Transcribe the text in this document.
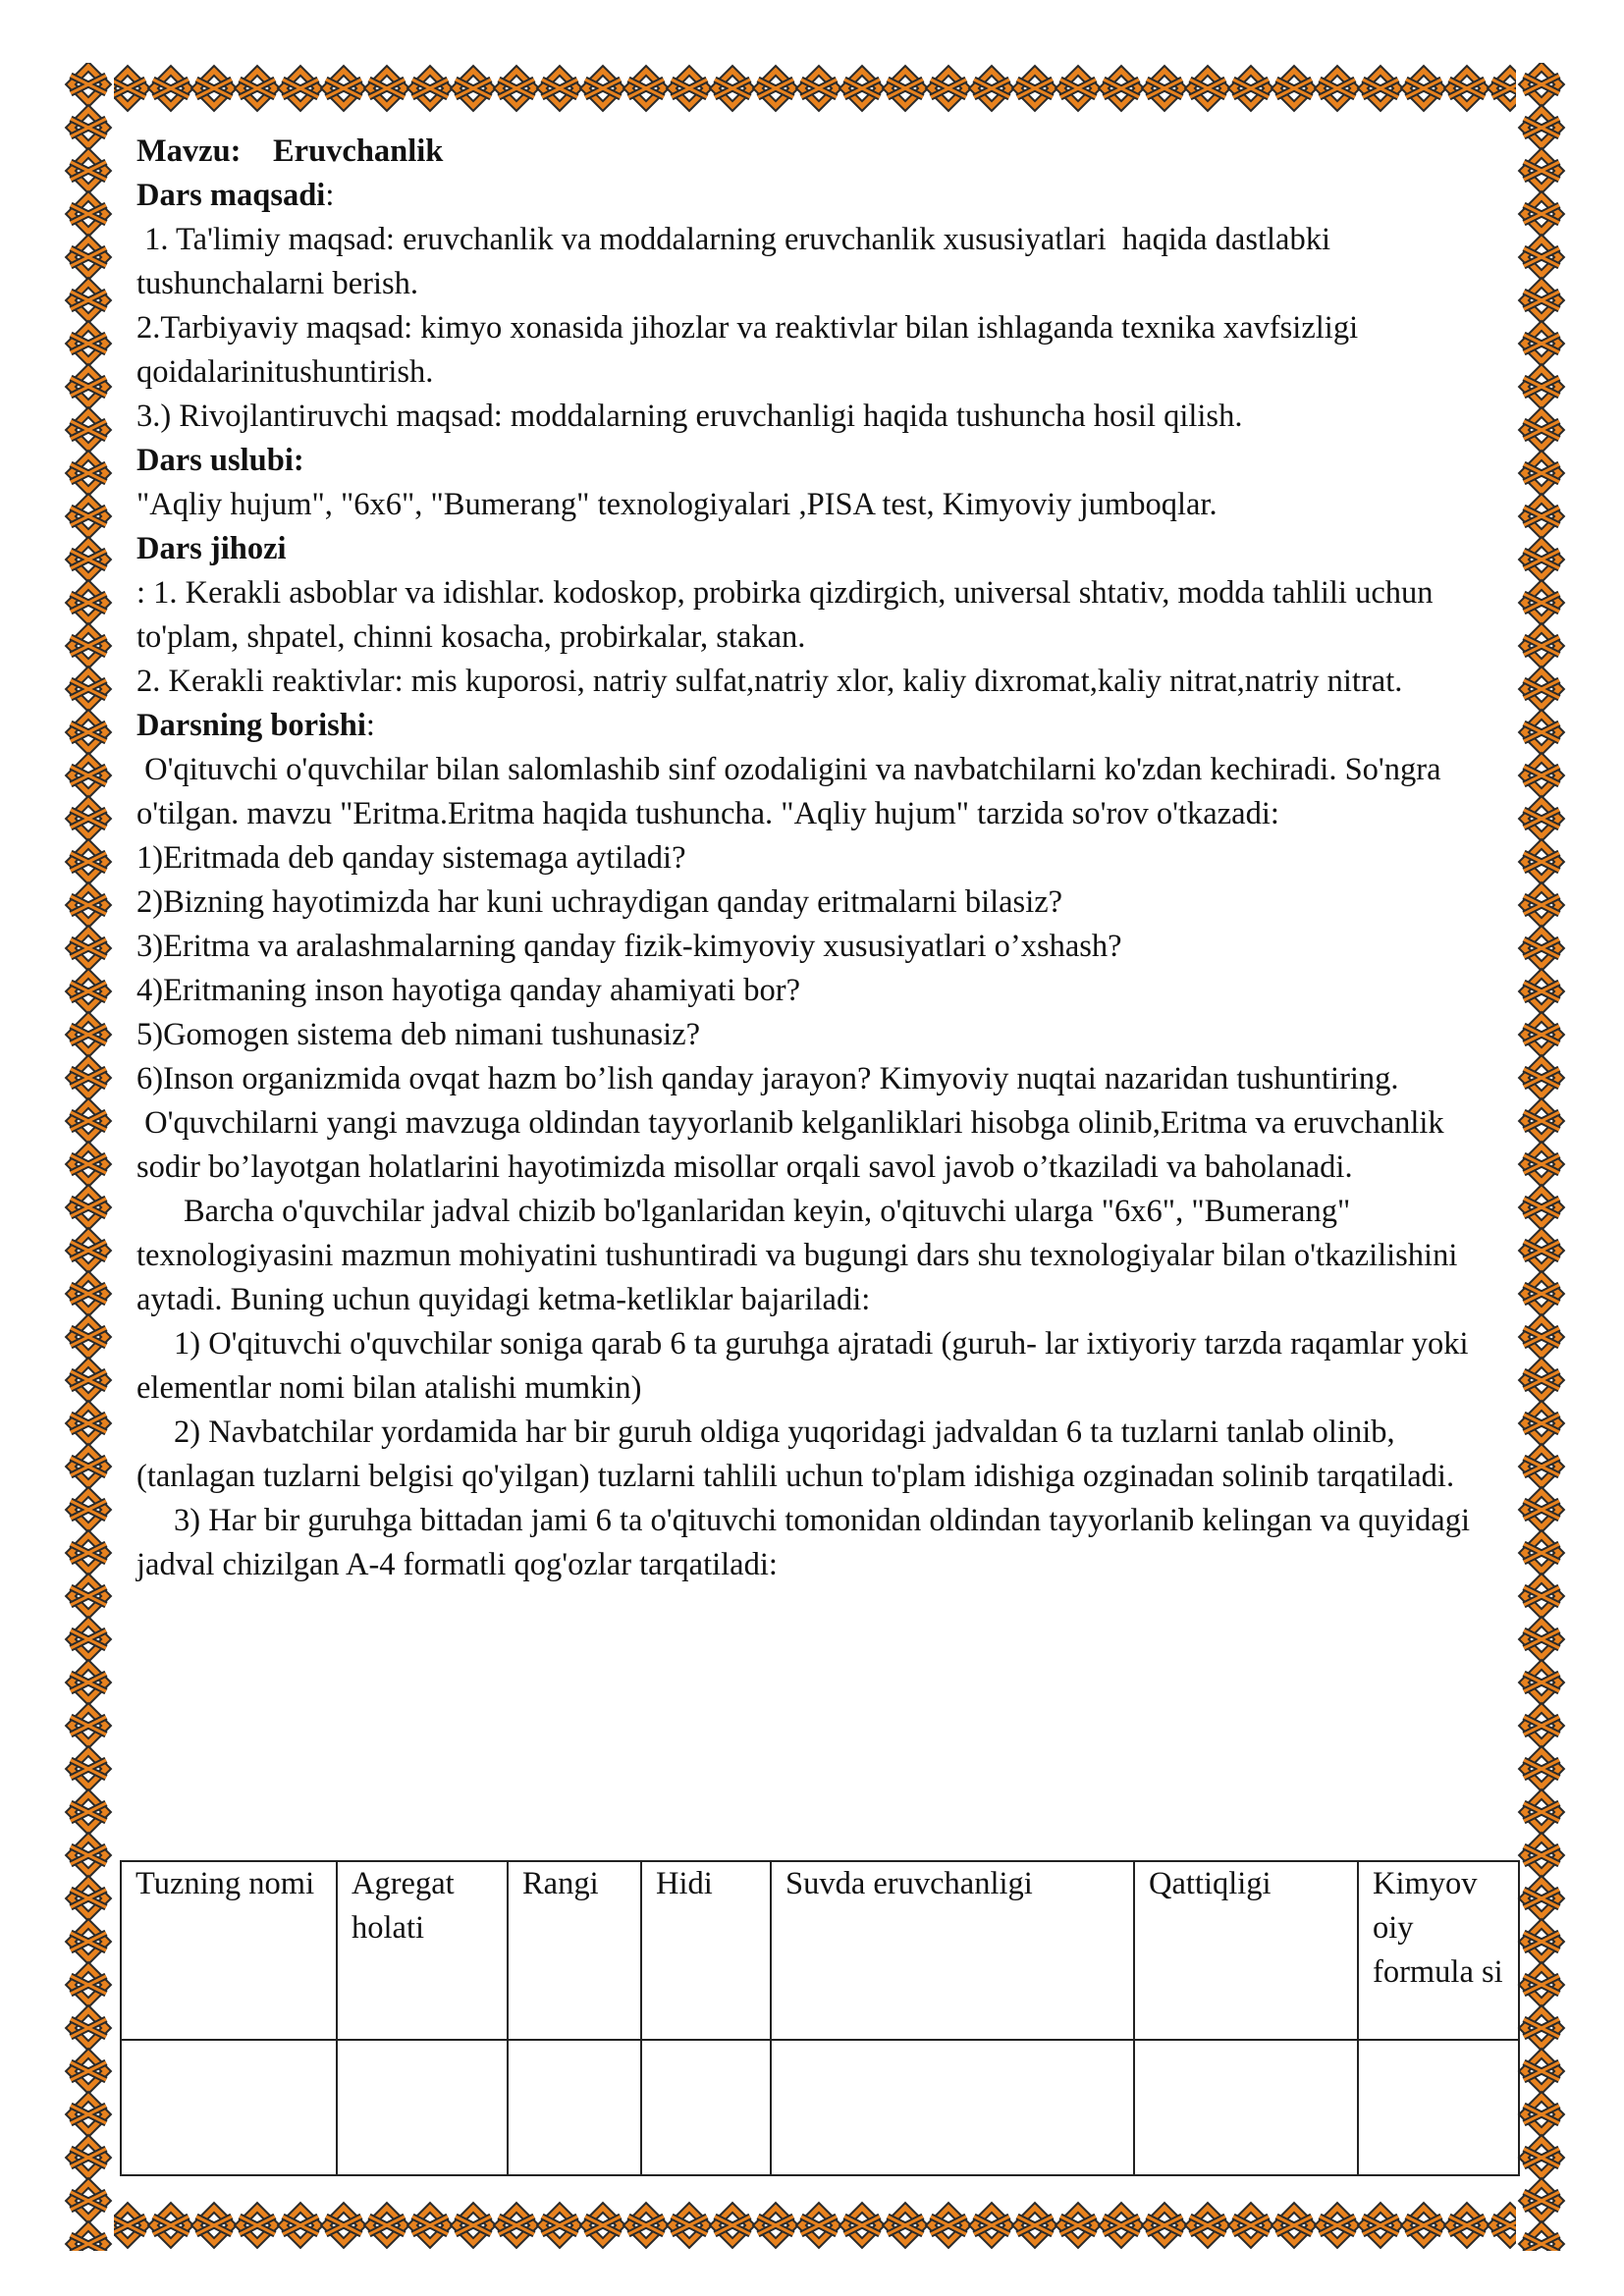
Mavzu: Eruvchanlik

Dars maqsadi:

1. Ta'limiy maqsad: eruvchanlik va moddalarning eruvchanlik xususiyatlari  haqida dastlabki tushunchalarni berish.

2.Tarbiyaviy maqsad: kimyo xonasida jihozlar va reaktivlar bilan ishlaganda texnika xavfsizligi qoidalarinitushuntirish.

3.) Rivojlantiruvchi maqsad: moddalarning eruvchanligi haqida tushuncha hosil qilish.

Dars uslubi:

"Aqliy hujum", "6x6", "Bumerang" texnologiyalari ,PISA test, Kimyoviy jumboqlar.

Dars jihozi

: 1. Kerakli asboblar va idishlar. kodoskop, probirka qizdirgich, universal shtativ, modda tahlili uchun to'plam, shpatel, chinni kosacha, probirkalar, stakan.

2. Kerakli reaktivlar: mis kuporosi, natriy sulfat,natriy xlor, kaliy dixromat,kaliy nitrat,natriy nitrat.

Darsning borishi:

O'qituvchi o'quvchilar bilan salomlashib sinf ozodaligini va navbatchilarni ko'zdan kechiradi. So'ngra o'tilgan. mavzu "Eritma.Eritma haqida tushuncha. "Aqliy hujum" tarzida so'rov o'tkazadi:

1)Eritmada deb qanday sistemaga aytiladi?

2)Bizning hayotimizda har kuni uchraydigan qanday eritmalarni bilasiz?

3)Eritma va aralashmalarning qanday fizik-kimyoviy xususiyatlari o’xshash?

4)Eritmaning inson hayotiga qanday ahamiyati bor?

5)Gomogen sistema deb nimani tushunasiz?

6)Inson organizmida ovqat hazm bo’lish qanday jarayon? Kimyoviy nuqtai nazaridan tushuntiring.

O'quvchilarni yangi mavzuga oldindan tayyorlanib kelganliklari hisobga olinib,Eritma va eruvchanlik sodir bo’layotgan holatlarini hayotimizda misollar orqali savol javob o’tkaziladi va baholanadi.

Barcha o'quvchilar jadval chizib bo'lganlaridan keyin, o'qituvchi ularga "6x6", "Bumerang" texnologiyasini mazmun mohiyatini tushuntiradi va bugungi dars shu texnologiyalar bilan o'tkazilishini aytadi. Buning uchun quyidagi ketma-ketliklar bajariladi:

1) O'qituvchi o'quvchilar soniga qarab 6 ta guruhga ajratadi (guruh- lar ixtiyoriy tarzda raqamlar yoki elementlar nomi bilan atalishi mumkin)

2) Navbatchilar yordamida har bir guruh oldiga yuqoridagi jadvaldan 6 ta tuzlarni tanlab olinib, (tanlagan tuzlarni belgisi qo'yilgan) tuzlarni tahlili uchun to'plam idishiga ozginadan solinib tarqatiladi.

3) Har bir guruhga bittadan jami 6 ta o'qituvchi tomonidan oldindan tayyorlanib kelingan va quyidagi jadval chizilgan A-4 formatli qog'ozlar tarqatiladi:

Tuzning nomi	Agregat holati	Rangi	Hidi	Suvda eruvchanligi	Qattiqligi	Kimyov oiy formula si
